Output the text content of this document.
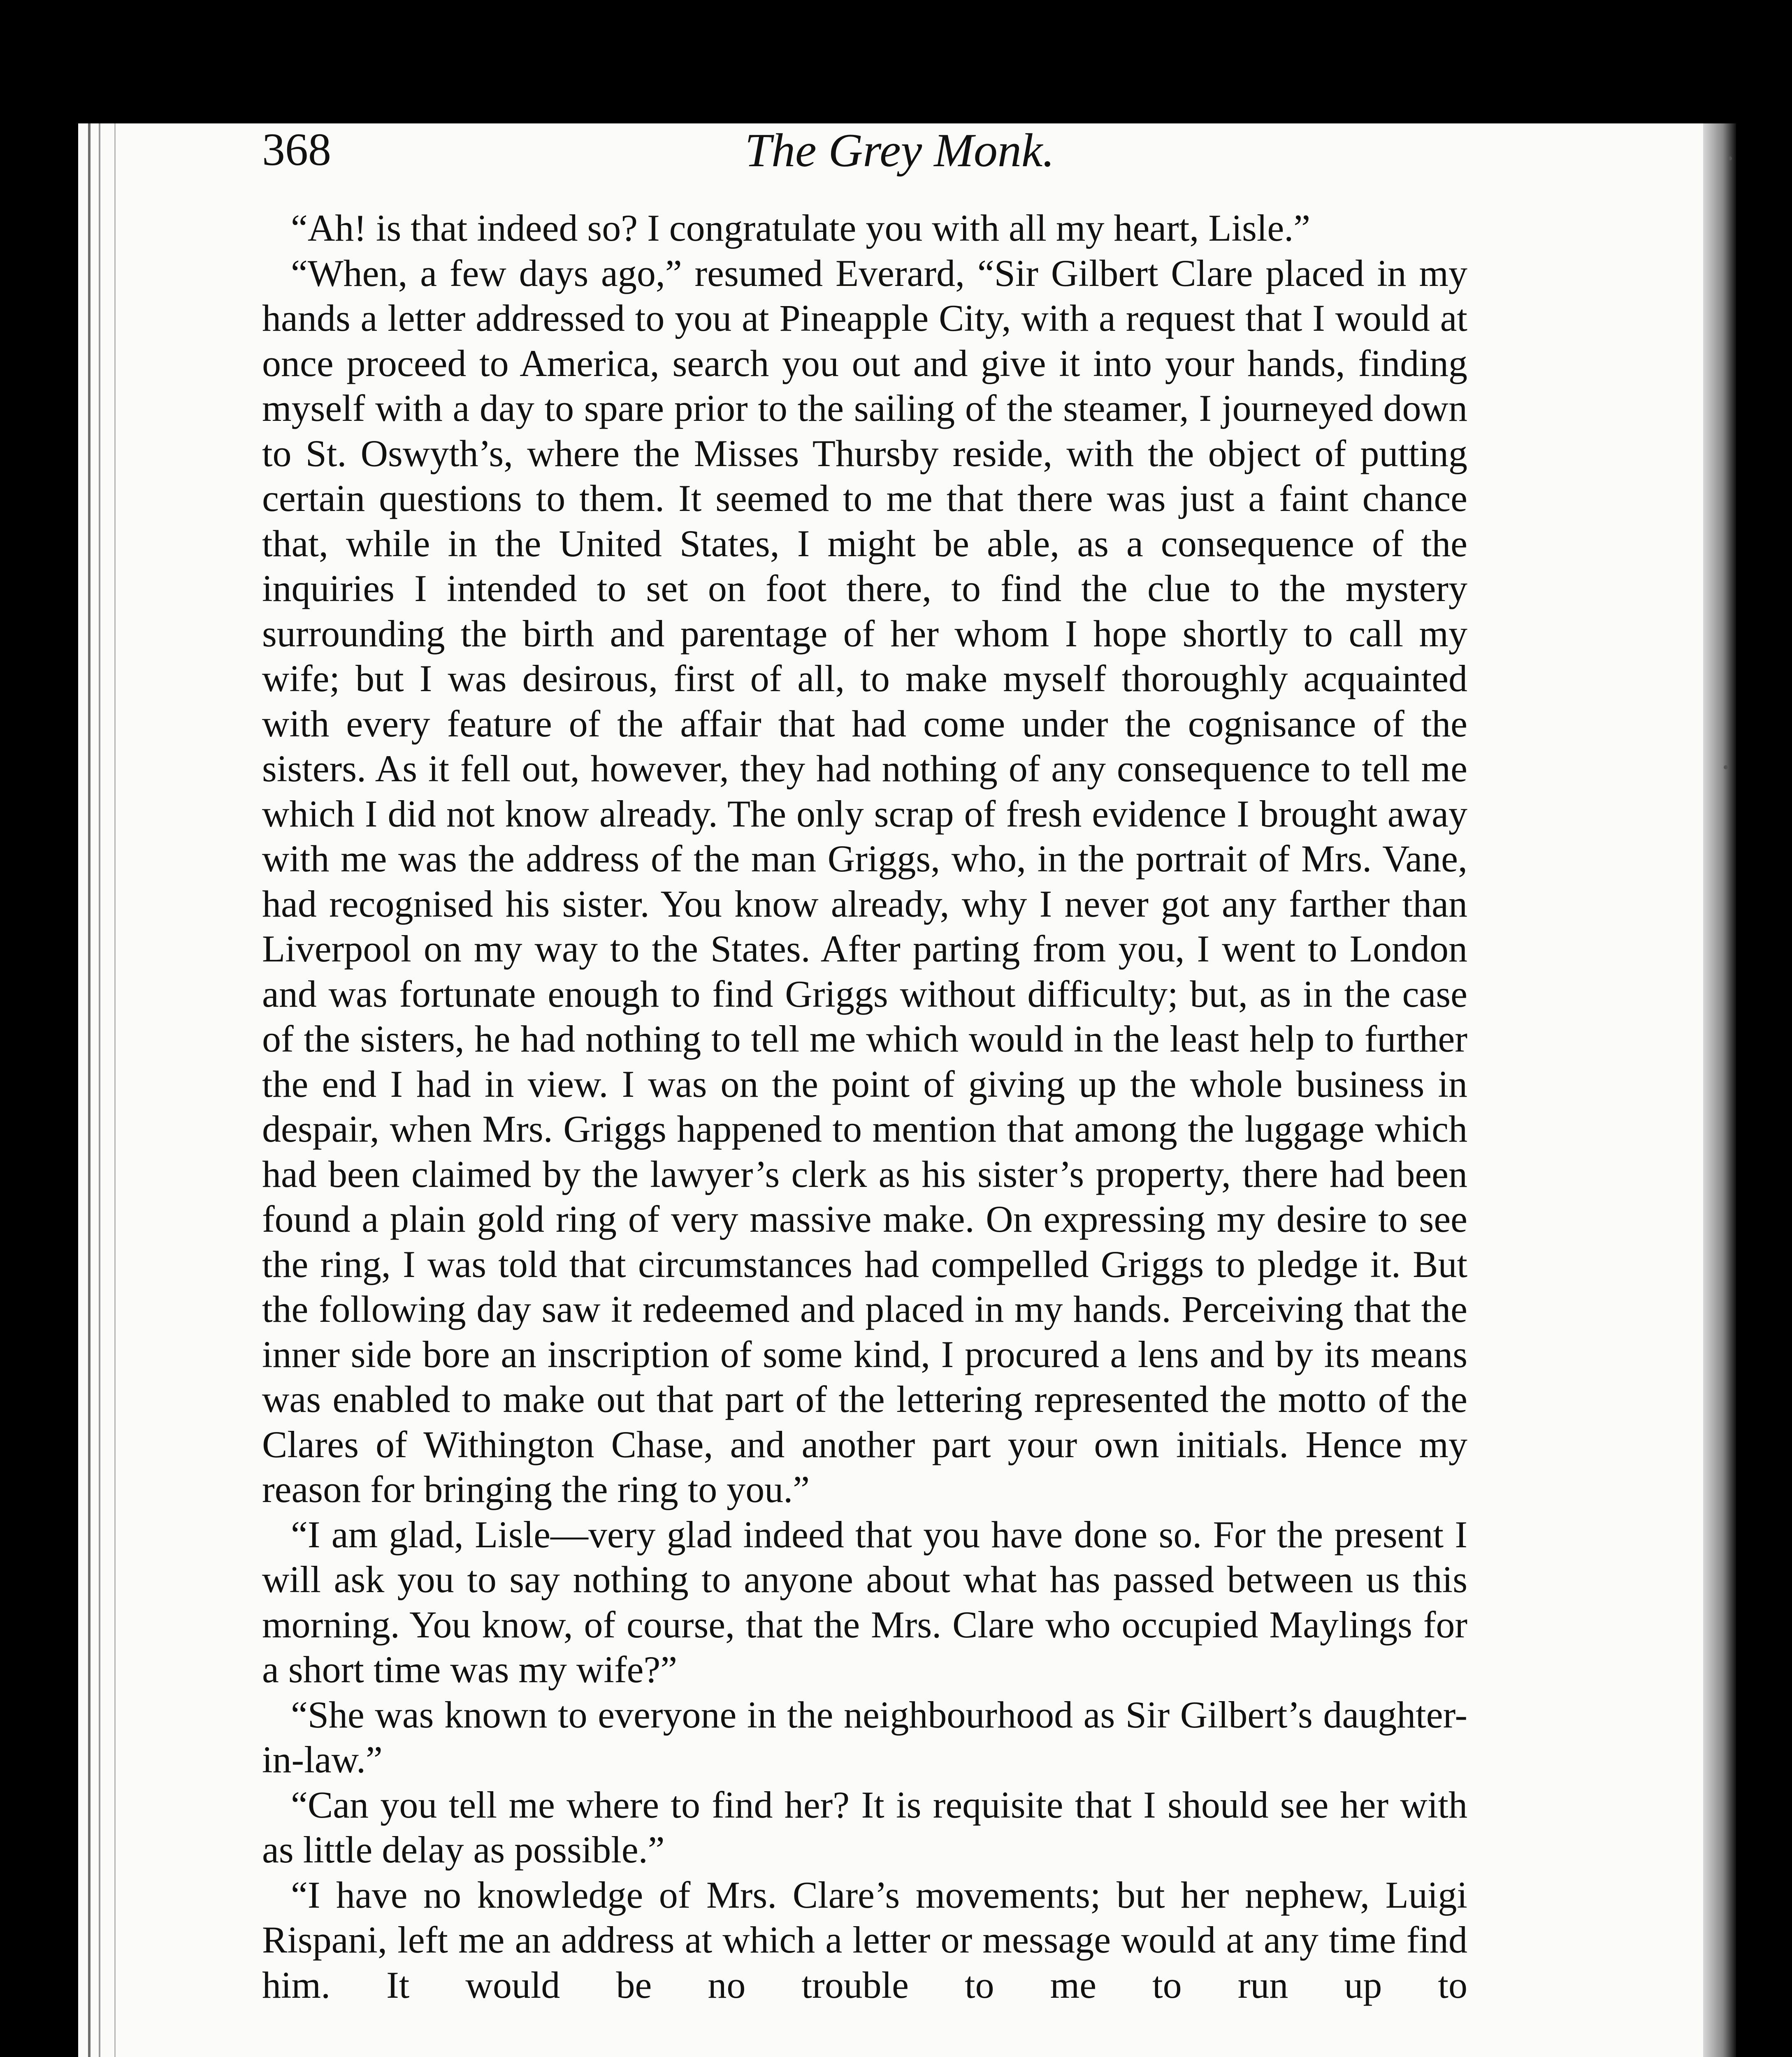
368	The Grey Monk.

“Ah! is that indeed so? I congratulate you with all my heart, Lisle.”

“When, a few days ago,” resumed Everard, “Sir Gilbert Clare placed in my hands a letter addressed to you at Pineapple City, with a request that I would at once proceed to America, search you out and give it into your hands, finding myself with a day to spare prior to the sailing of the steamer, I journeyed down to St. Oswyth’s, where the Misses Thursby reside, with the object of putting certain questions to them. It seemed to me that there was just a faint chance that, while in the United States, I might be able, as a consequence of the inquiries I intended to set on foot there, to find the clue to the mystery surrounding the birth and parentage of her whom I hope shortly to call my wife; but I was desirous, first of all, to make myself thoroughly acquainted with every feature of the affair that had come under the cognisance of the sisters. As it fell out, however, they had nothing of any consequence to tell me which I did not know already. The only scrap of fresh evidence I brought away with me was the address of the man Griggs, who, in the portrait of Mrs. Vane, had recognised his sister. You know already, why I never got any farther than Liverpool on my way to the States. After parting from you, I went to London and was fortunate enough to find Griggs without difficulty; but, as in the case of the sisters, he had nothing to tell me which would in the least help to further the end I had in view. I was on the point of giving up the whole business in despair, when Mrs. Griggs happened to mention that among the luggage which had been claimed by the lawyer’s clerk as his sister’s property, there had been found a plain gold ring of very massive make. On expressing my desire to see the ring, I was told that circumstances had compelled Griggs to pledge it. But the following day saw it redeemed and placed in my hands. Perceiving that the inner side bore an inscription of some kind, I procured a lens and by its means was enabled to make out that part of the lettering represented the motto of the Clares of Withington Chase, and another part your own initials. Hence my reason for bringing the ring to you.”

“I am glad, Lisle—very glad indeed that you have done so. For the present I will ask you to say nothing to anyone about what has passed between us this morning. You know, of course, that the Mrs. Clare who occupied Maylings for a short time was my wife?”

“She was known to everyone in the neighbourhood as Sir Gilbert’s daughter-in-law.”

“Can you tell me where to find her? It is requisite that I should see her with as little delay as possible.”

“I have no knowledge of Mrs. Clare’s movements; but her nephew, Luigi Rispani, left me an address at which a letter or message would at any time find him. It would be no trouble to me to run up to
